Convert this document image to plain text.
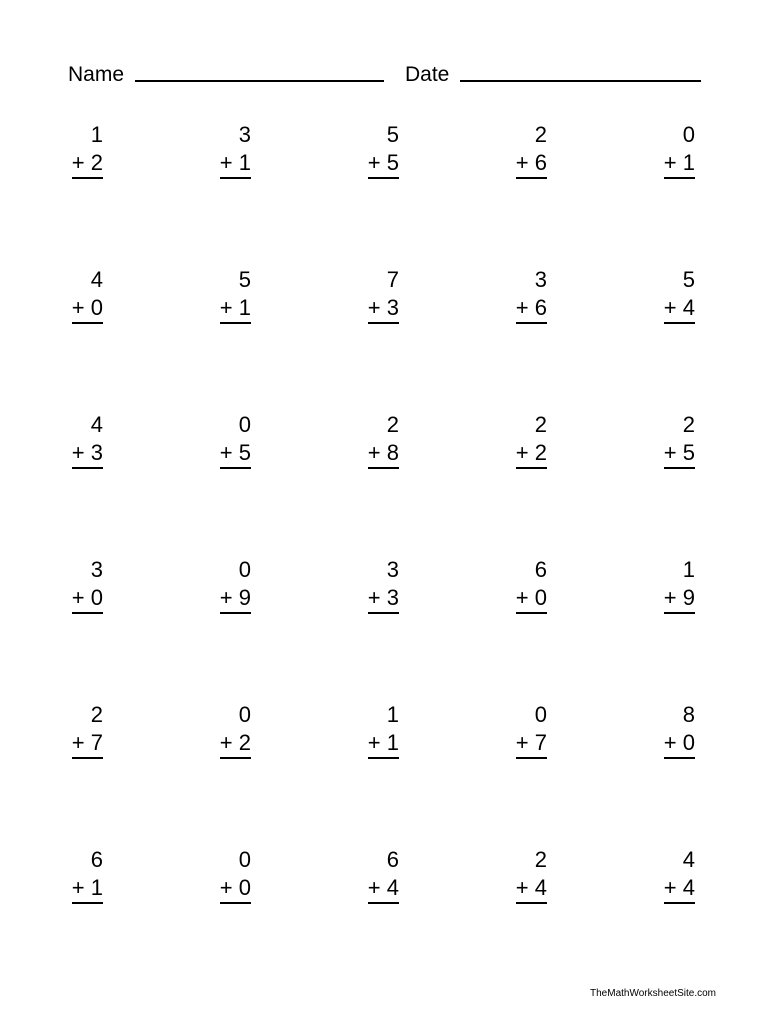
Name	Date
1
+ 2
3
+ 1
5
+ 5
2
+ 6
0
+ 1
4
+ 0
5
+ 1
7
+ 3
3
+ 6
5
+ 4
4
+ 3
0
+ 5
2
+ 8
2
+ 2
2
+ 5
3
+ 0
0
+ 9
3
+ 3
6
+ 0
1
+ 9
2
+ 7
0
+ 2
1
+ 1
0
+ 7
8
+ 0
6
+ 1
0
+ 0
6
+ 4
2
+ 4
4
+ 4
TheMathWorksheetSite.com
